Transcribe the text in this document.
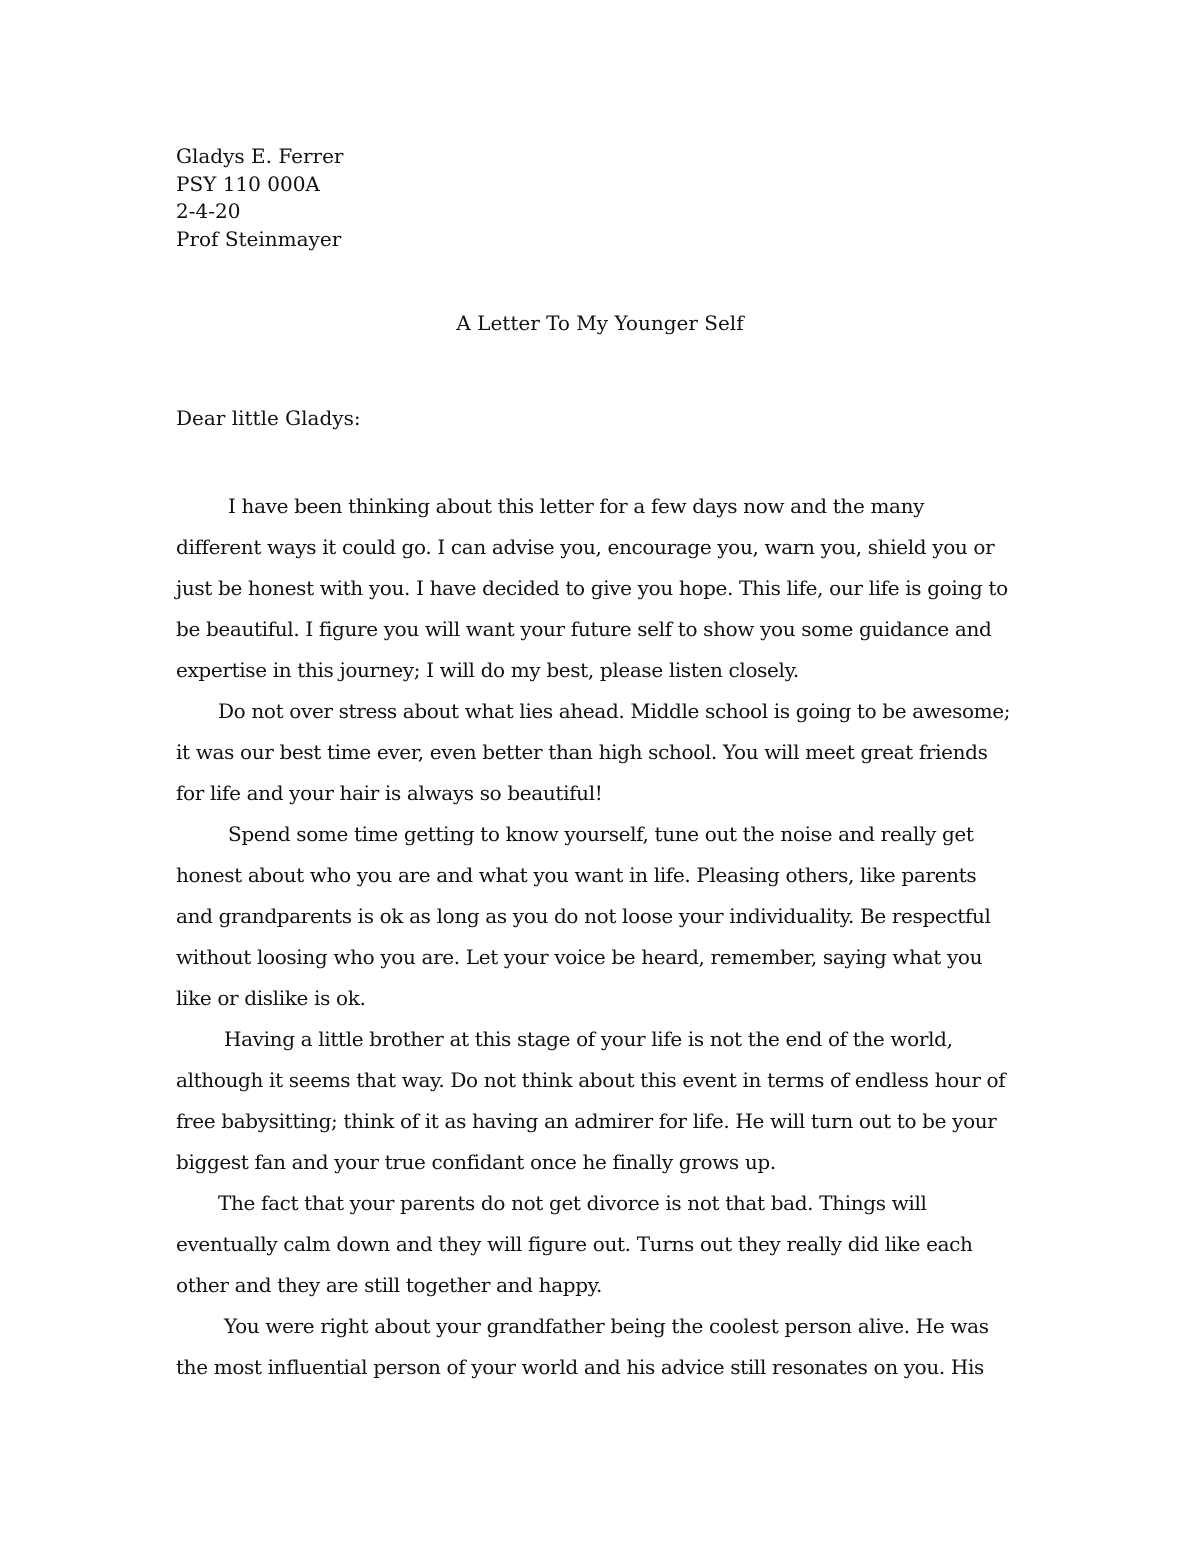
Gladys E. Ferrer
PSY 110 000A
2-4-20
Prof Steinmayer
A Letter To My Younger Self
Dear little Gladys:
I have been thinking about this letter for a few days now and the many
different ways it could go. I can advise you, encourage you, warn you, shield you or
just be honest with you. I have decided to give you hope. This life, our life is going to
be beautiful. I figure you will want your future self to show you some guidance and
expertise in this journey; I will do my best, please listen closely.
Do not over stress about what lies ahead. Middle school is going to be awesome;
it was our best time ever, even better than high school. You will meet great friends
for life and your hair is always so beautiful!
Spend some time getting to know yourself, tune out the noise and really get
honest about who you are and what you want in life. Pleasing others, like parents
and grandparents is ok as long as you do not loose your individuality. Be respectful
without loosing who you are. Let your voice be heard, remember, saying what you
like or dislike is ok.
Having a little brother at this stage of your life is not the end of the world,
although it seems that way. Do not think about this event in terms of endless hour of
free babysitting; think of it as having an admirer for life. He will turn out to be your
biggest fan and your true confidant once he finally grows up.
The fact that your parents do not get divorce is not that bad. Things will
eventually calm down and they will figure out. Turns out they really did like each
other and they are still together and happy.
You were right about your grandfather being the coolest person alive. He was
the most influential person of your world and his advice still resonates on you. His
